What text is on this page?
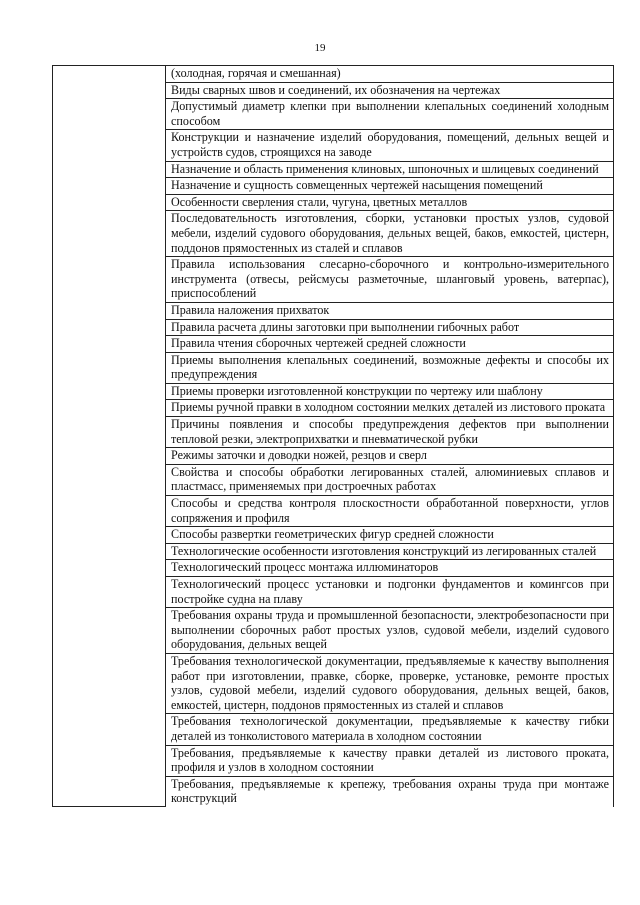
19
	(холодная, горячая и смешанная)
Виды сварных швов и соединений, их обозначения на чертежах
Допустимый диаметр клепки при выполнении клепальных соединений холодным способом
Конструкции и назначение изделий оборудования, помещений, дельных вещей и устройств судов, строящихся на заводе
Назначение и область применения клиновых, шпоночных и шлицевых соединений
Назначение и сущность совмещенных чертежей насыщения помещений
Особенности сверления стали, чугуна, цветных металлов
Последовательность изготовления, сборки, установки простых узлов, судовой мебели, изделий судового оборудования, дельных вещей, баков, емкостей, цистерн, поддонов прямостенных из сталей и сплавов
Правила использования слесарно-сборочного и контрольно-измерительного инструмента (отвесы, рейсмусы разметочные, шланговый уровень, ватерпас), приспособлений
Правила наложения прихваток
Правила расчета длины заготовки при выполнении гибочных работ
Правила чтения сборочных чертежей средней сложности
Приемы выполнения клепальных соединений, возможные дефекты и способы их предупреждения
Приемы проверки изготовленной конструкции по чертежу или шаблону
Приемы ручной правки в холодном состоянии мелких деталей из листового проката
Причины появления и способы предупреждения дефектов при выполнении тепловой резки, электроприхватки и пневматической рубки
Режимы заточки и доводки ножей, резцов и сверл
Свойства и способы обработки легированных сталей, алюминиевых сплавов и пластмасс, применяемых при достроечных работах
Способы и средства контроля плоскостности обработанной поверхности, углов сопряжения и профиля
Способы развертки геометрических фигур средней сложности
Технологические особенности изготовления конструкций из легированных сталей
Технологический процесс монтажа иллюминаторов
Технологический процесс установки и подгонки фундаментов и комингсов при постройке судна на плаву
Требования охраны труда и промышленной безопасности, электробезопасности при выполнении сборочных работ простых узлов, судовой мебели, изделий судового оборудования, дельных вещей
Требования технологической документации, предъявляемые к качеству выполнения работ при изготовлении, правке, сборке, проверке, установке, ремонте простых узлов, судовой мебели, изделий судового оборудования, дельных вещей, баков, емкостей, цистерн, поддонов прямостенных из сталей и сплавов
Требования технологической документации, предъявляемые к качеству гибки деталей из тонколистового материала в холодном состоянии
Требования, предъявляемые к качеству правки деталей из листового проката, профиля и узлов в холодном состоянии
Требования, предъявляемые к крепежу, требования охраны труда при монтаже конструкций
